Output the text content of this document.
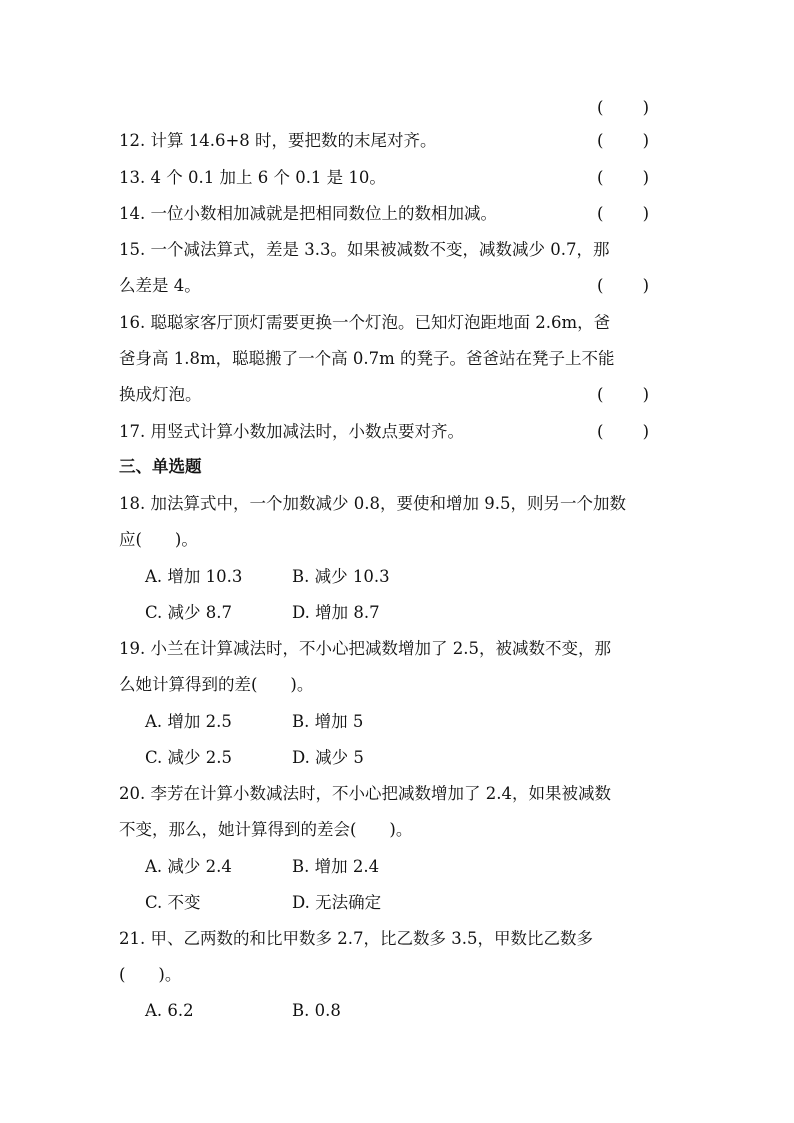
( )
12. 计算 14.6+8 时，要把数的末尾对齐。	( )
13. 4 个 0.1 加上 6 个 0.1 是 10。	( )
14. 一位小数相加减就是把相同数位上的数相加减。	( )
15. 一个减法算式，差是 3.3。如果被减数不变，减数减少 0.7，那
么差是 4。	( )
16. 聪聪家客厅顶灯需要更换一个灯泡。已知灯泡距地面 2.6m，爸
爸身高 1.8m，聪聪搬了一个高 0.7m 的凳子。爸爸站在凳子上不能
换成灯泡。	( )
17. 用竖式计算小数加减法时，小数点要对齐。	( )
三、单选题
18. 加法算式中，一个加数减少 0.8，要使和增加 9.5，则另一个加数
应(　　)。
A. 增加 10.3	B. 减少 10.3
C. 减少 8.7	D. 增加 8.7
19. 小兰在计算减法时，不小心把减数增加了 2.5，被减数不变，那
么她计算得到的差(　　)。
A. 增加 2.5	B. 增加 5
C. 减少 2.5	D. 减少 5
20. 李芳在计算小数减法时，不小心把减数增加了 2.4，如果被减数
不变，那么，她计算得到的差会(　　)。
A. 减少 2.4	B. 增加 2.4
C. 不变	D. 无法确定
21. 甲、乙两数的和比甲数多 2.7，比乙数多 3.5，甲数比乙数多
(　　)。
A. 6.2	B. 0.8
